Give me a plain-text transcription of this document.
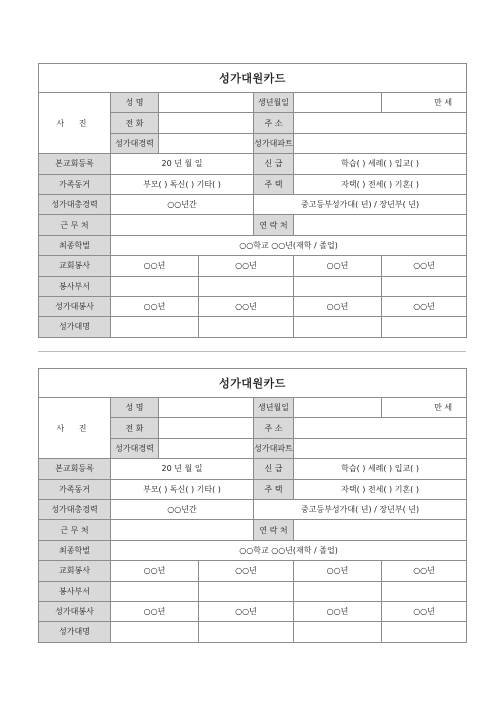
성가대원카드						
사 진	성 명			생년월일		만 세
	전 화			주 소		
	성가대경력			성가대파트		
본교회등록	20 년 월 일			신 급	학습( ) 세례( ) 입교( )	
가족동거	부모( ) 독신( ) 기타( )			주 택	자택( ) 전세( ) 기혼( )	
성가대총경력	○○년간			중고등부성가대( 년) / 장년부( 년)		
근 무 처				연 락 처		
최종학벌	○○학교 ○○년(재학 / 졸업)					
교회봉사	○○년		○○년		○○년	○○년
봉사부서						
성가대봉사	○○년		○○년		○○년	○○년
성가대명						
성가대원카드						
사 진	성 명			생년월일		만 세
	전 화			주 소		
	성가대경력			성가대파트		
본교회등록	20 년 월 일			신 급	학습( ) 세례( ) 입교( )	
가족동거	부모( ) 독신( ) 기타( )			주 택	자택( ) 전세( ) 기혼( )	
성가대총경력	○○년간			중고등부성가대( 년) / 장년부( 년)		
근 무 처				연 락 처		
최종학벌	○○학교 ○○년(재학 / 졸업)					
교회봉사	○○년		○○년		○○년	○○년
봉사부서						
성가대봉사	○○년		○○년		○○년	○○년
성가대명						
